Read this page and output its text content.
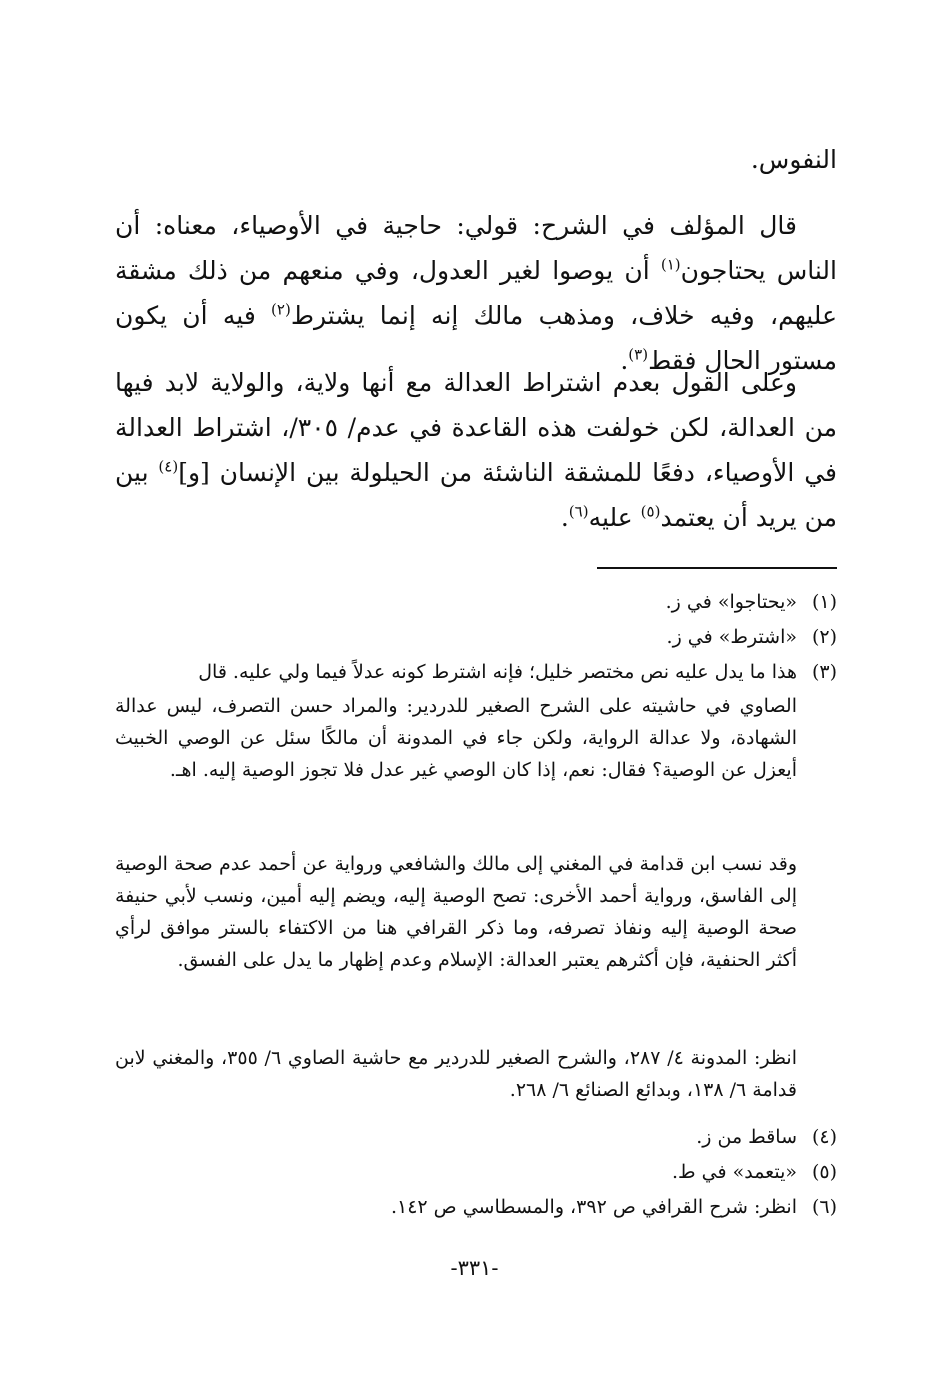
النفوس.
قال المؤلف في الشرح: قولي: حاجية في الأوصياء، معناه: أن الناس يحتاجون$^{(١)}$ أن يوصوا لغير العدول، وفي منعهم من ذلك مشقة عليهم، وفيه خلاف، ومذهب مالك إنه إنما يشترط$^{(٢)}$ فيه أن يكون مستور الحال فقط$^{(٣)}$.
وعلى القول بعدم اشتراط العدالة مع أنها ولاية، والولاية لابد فيها من العدالة، لكن خولفت هذه القاعدة في عدم/ ٣٠٥/، اشتراط العدالة في الأوصياء، دفعًا للمشقة الناشئة من الحيلولة بين الإنسان [و]$^{(٤)}$ بين من يريد أن يعتمد$^{(٥)}$ عليه$^{(٦)}$.
(١)«يحتاجوا» في ز.
(٢)«اشترط» في ز.
(٣)هذا ما يدل عليه نص مختصر خليل؛ فإنه اشترط كونه عدلاً فيما ولي عليه. قال
الصاوي في حاشيته على الشرح الصغير للدردير: والمراد حسن التصرف، ليس عدالة الشهادة، ولا عدالة الرواية، ولكن جاء في المدونة أن مالكًا سئل عن الوصي الخبيث أيعزل عن الوصية؟ فقال: نعم، إذا كان الوصي غير عدل فلا تجوز الوصية إليه. اهـ.
وقد نسب ابن قدامة في المغني إلى مالك والشافعي ورواية عن أحمد عدم صحة الوصية إلى الفاسق، ورواية أحمد الأخرى: تصح الوصية إليه، ويضم إليه أمين، ونسب لأبي حنيفة صحة الوصية إليه ونفاذ تصرفه، وما ذكر القرافي هنا من الاكتفاء بالستر موافق لرأي أكثر الحنفية، فإن أكثرهم يعتبر العدالة: الإسلام وعدم إظهار ما يدل على الفسق.
انظر: المدونة ٤/ ٢٨٧، والشرح الصغير للدردير مع حاشية الصاوي ٦/ ٣٥٥، والمغني لابن قدامة ٦/ ١٣٨، وبدائع الصنائع ٦/ ٢٦٨.
(٤)ساقط من ز.
(٥)«يتعمد» في ط.
(٦)انظر: شرح القرافي ص ٣٩٢، والمسطاسي ص ١٤٢.
-٣٣١-
